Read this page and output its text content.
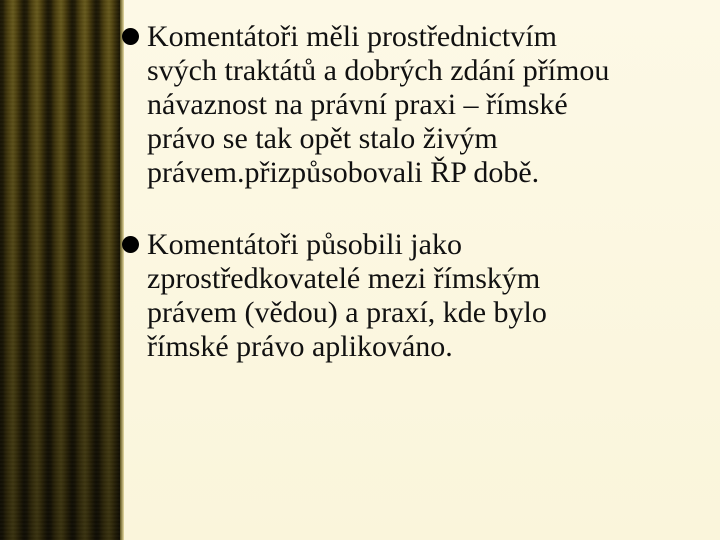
Komentátoři měli prostřednictvím
svých traktátů a dobrých zdání přímou
návaznost na právní praxi – římské
právo se tak opět stalo živým
právem.přizpůsobovali ŘP době.
Komentátoři působili jako
zprostředkovatelé mezi římským
právem (vědou) a praxí, kde bylo
římské právo aplikováno.
